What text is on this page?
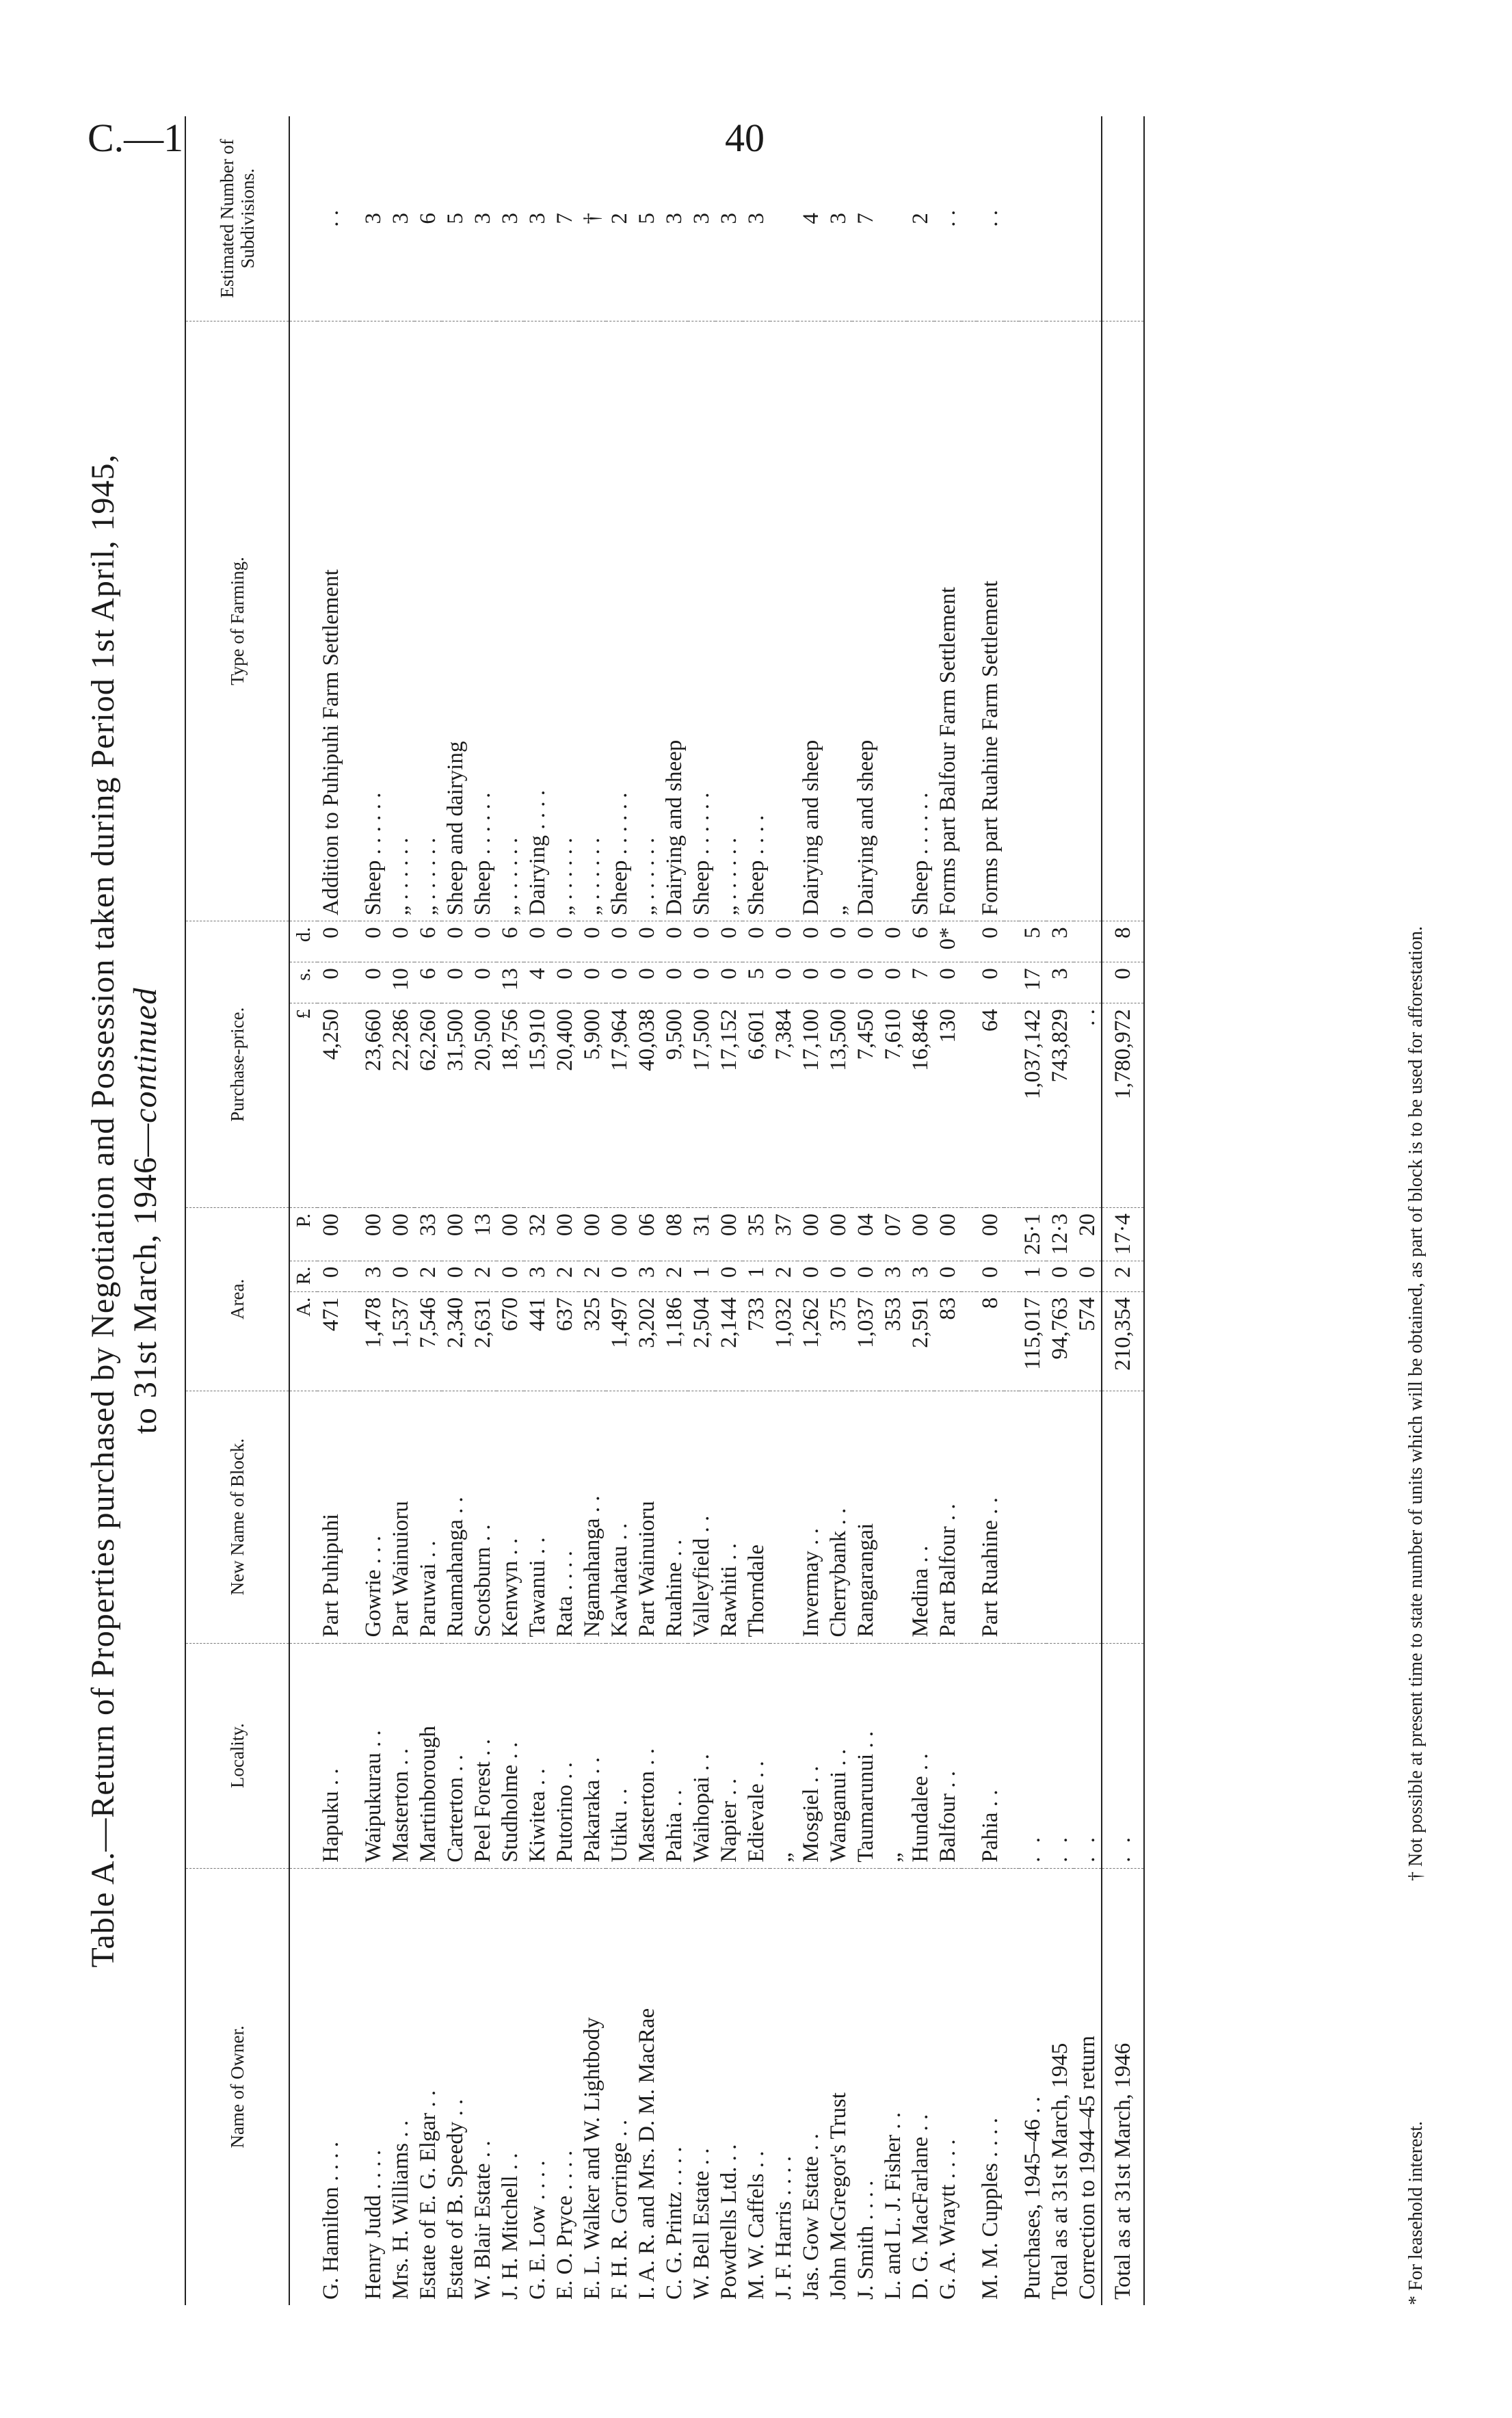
C.—1	40
Table A.—Return of Properties purchased by Negotiation and Possession taken during Period 1st April, 1945, to 31st March, 1946—continued
Name of Owner.	Locality.	New Name of Block.	Area.			Purchase-price.			Type of Farming.	Estimated Number of Subdivisions.
			A.	R.	P.	£	s.	d.		
G. Hamilton . . . .	Hapuku . .	Part Puhipuhi	471	0	00	4,250	0	0	Addition to Puhipuhi Farm Settlement	. .

Henry Judd . . . .	Waipukurau . .	Gowrie . . .	1,478	3	00	23,660	0	0	Sheep . . . . . .	3
Mrs. H. Williams . .	Masterton . .	Part Wainuioru	1,537	0	00	22,286	10	0	„ . . . . . .	3
Estate of E. G. Elgar . .	Martinborough	Paruwai . .	7,546	2	33	62,260	6	6	„ . . . . . .	6
Estate of B. Speedy . .	Carterton . .	Ruamahanga . .	2,340	0	00	31,500	0	0	Sheep and dairying	5
W. Blair Estate . .	Peel Forest . .	Scotsburn . .	2,631	2	13	20,500	0	0	Sheep . . . . . .	3
J. H. Mitchell . .	Studholme . .	Kenwyn . .	670	0	00	18,756	13	6	„ . . . . . .	3
G. E. Low . . . .	Kiwitea . .	Tawanui . .	441	3	32	15,910	4	0	Dairying . . . .	3
E. O. Pryce . . . .	Putorino . .	Rata . . . .	637	2	00	20,400	0	0	„ . . . . . .	7
E. L. Walker and W. Lightbody	Pakaraka . .	Ngamahanga . .	325	2	00	5,900	0	0	„ . . . . . .	†
F. H. R. Gorringe . .	Utiku . .	Kawhatau . .	1,497	0	00	17,964	0	0	Sheep . . . . . .	2
I. A. R. and Mrs. D. M. MacRae	Masterton . .	Part Wainuioru	3,202	3	06	40,038	0	0	„ . . . . . .	5
C. G. Printz . . . .	Pahia . .	Ruahine . .	1,186	2	08	9,500	0	0	Dairying and sheep	3
W. Bell Estate . .	Waihopai . .	Valleyfield . .	2,504	1	31	17,500	0	0	Sheep . . . . . .	3
Powdrells Ltd. . .	Napier . .	Rawhiti . .	2,144	0	00	17,152	0	0	„ . . . . . .	3
M. W. Caffels . .	Edievale . .	Thorndale	733	1	35	6,601	5	0	Sheep . . . .	3
J. F. Harris . . . .	„		1,032	2	37	7,384	0	0		
Jas. Gow Estate . .	Mosgiel . .	Invermay . .	1,262	0	00	17,100	0	0	Dairying and sheep	4
John McGregor's Trust	Wanganui . .	Cherrybank . .	375	0	00	13,500	0	0	„	3
J. Smith . . . .	Taumarunui . .	Rangarangai	1,037	0	04	7,450	0	0	Dairying and sheep	7
L. and L. J. Fisher . .	„		353	3	07	7,610	0	0		
D. G. MacFarlane . .	Hundalee . .	Medina . .	2,591	3	00	16,846	7	6	Sheep . . . . . .	2
G. A. Wraytt . . . .	Balfour . .	Part Balfour . .	83	0	00	130	0	0*	Forms part Balfour Farm Settlement	. .

M. M. Cupples . . . .	Pahia . .	Part Ruahine . .	8	0	00	64	0	0	Forms part Ruahine Farm Settlement	. .

Purchases, 1945–46 . .	. .		115,017	1	25·1	1,037,142	17	5		
Total as at 31st March, 1945	. .		94,763	0	12·3	743,829	3	3		
Correction to 1944–45 return	. .		574	0	20	. .				
Total as at 31st March, 1946	. .		210,354	2	17·4	1,780,972	0	8		
* For leasehold interest.
† Not possible at present time to state number of units which will be obtained, as part of block is to be used for afforestation.
